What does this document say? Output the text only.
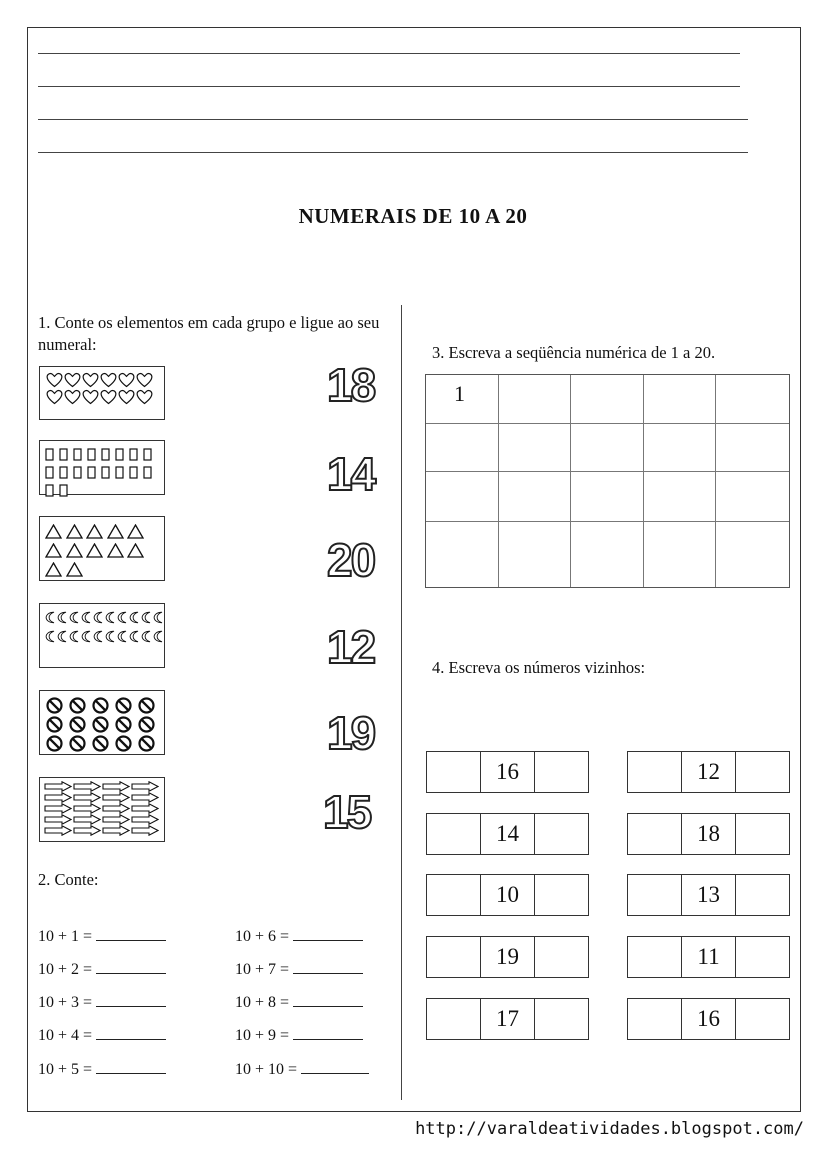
NUMERAIS DE 10 A 20
1. Conte os elementos em cada grupo e ligue ao seu numeral:
18
14
20
12
19
15
2. Conte:
10 + 1 =
10 + 2 =
10 + 3 =
10 + 4 =
10 + 5 =
10 + 6 =
10 + 7 =
10 + 8 =
10 + 9 =
10 + 10 =
3. Escreva a seqüência numérica de 1 a 20.
1
4. Escreva os números vizinhos:
16
14
10
19
17
12
18
13
11
16
http://varaldeatividades.blogspot.com/
